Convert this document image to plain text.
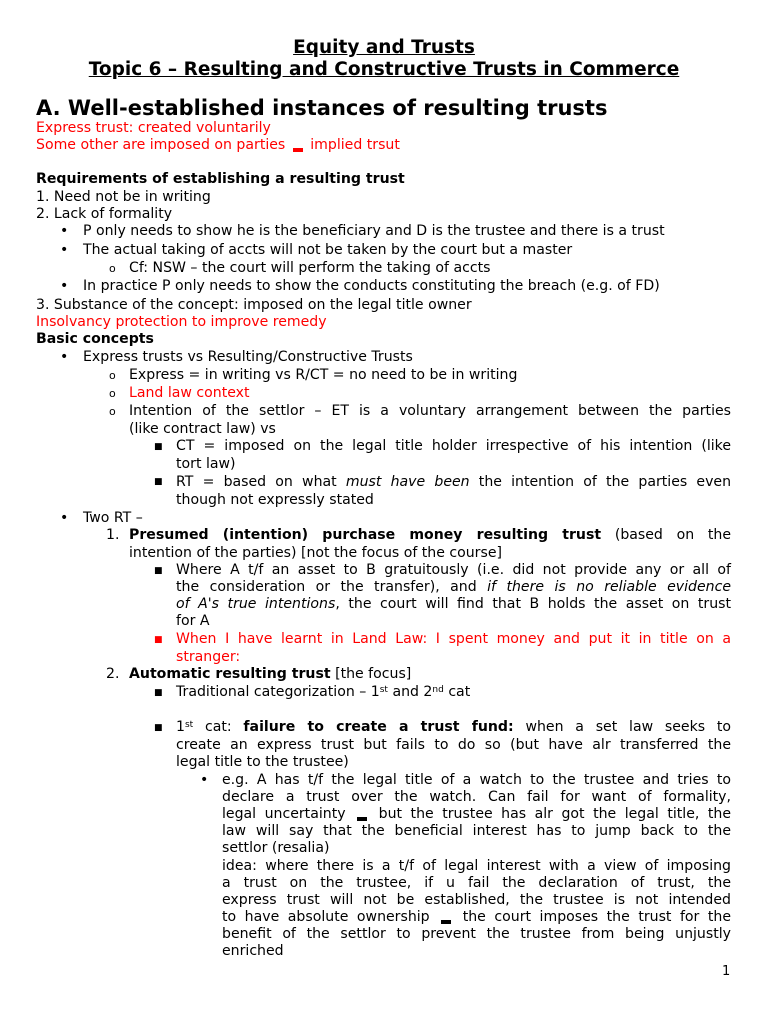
Equity and Trusts
Topic 6 – Resulting and Constructive Trusts in Commerce
A. Well-established instances of resulting trusts
Express trust: created voluntarily
Some other are imposed on parties implied trsut
Requirements of establishing a resulting trust
1. Need not be in writing
2. Lack of formality
• P only needs to show he is the beneficiary and D is the trustee and there is a trust
• The actual taking of accts will not be taken by the court but a master
o Cf: NSW – the court will perform the taking of accts
• In practice P only needs to show the conducts constituting the breach (e.g. of FD)
3. Substance of the concept: imposed on the legal title owner
Insolvancy protection to improve remedy
Basic concepts
• Express trusts vs Resulting/Constructive Trusts
o Express = in writing vs R/CT = no need to be in writing
o Land law context
o Intention of the settlor – ET is a voluntary arrangement between the parties
(like contract law) vs
■ CT = imposed on the legal title holder irrespective of his intention (like
tort law)
■ RT = based on what must have been the intention of the parties even
though not expressly stated
• Two RT –
1. Presumed (intention) purchase money resulting trust (based on the
intention of the parties) [not the focus of the course]
■ Where A t/f an asset to B gratuitously (i.e. did not provide any or all of
the consideration or the transfer), and if there is no reliable evidence
of A's true intentions, the court will find that B holds the asset on trust
for A
■ When I have learnt in Land Law: I spent money and put it in title on a
stranger:
2. Automatic resulting trust [the focus]
■ Traditional categorization – 1st and 2nd cat
■ 1st cat: failure to create a trust fund: when a set law seeks to
create an express trust but fails to do so (but have alr transferred the
legal title to the trustee)
• e.g. A has t/f the legal title of a watch to the trustee and tries to
declare a trust over the watch. Can fail for want of formality,
legal uncertainty but the trustee has alr got the legal title, the
law will say that the beneficial interest has to jump back to the
settlor (resalia)
idea: where there is a t/f of legal interest with a view of imposing
a trust on the trustee, if u fail the declaration of trust, the
express trust will not be established, the trustee is not intended
to have absolute ownership the court imposes the trust for the
benefit of the settlor to prevent the trustee from being unjustly
enriched
1
